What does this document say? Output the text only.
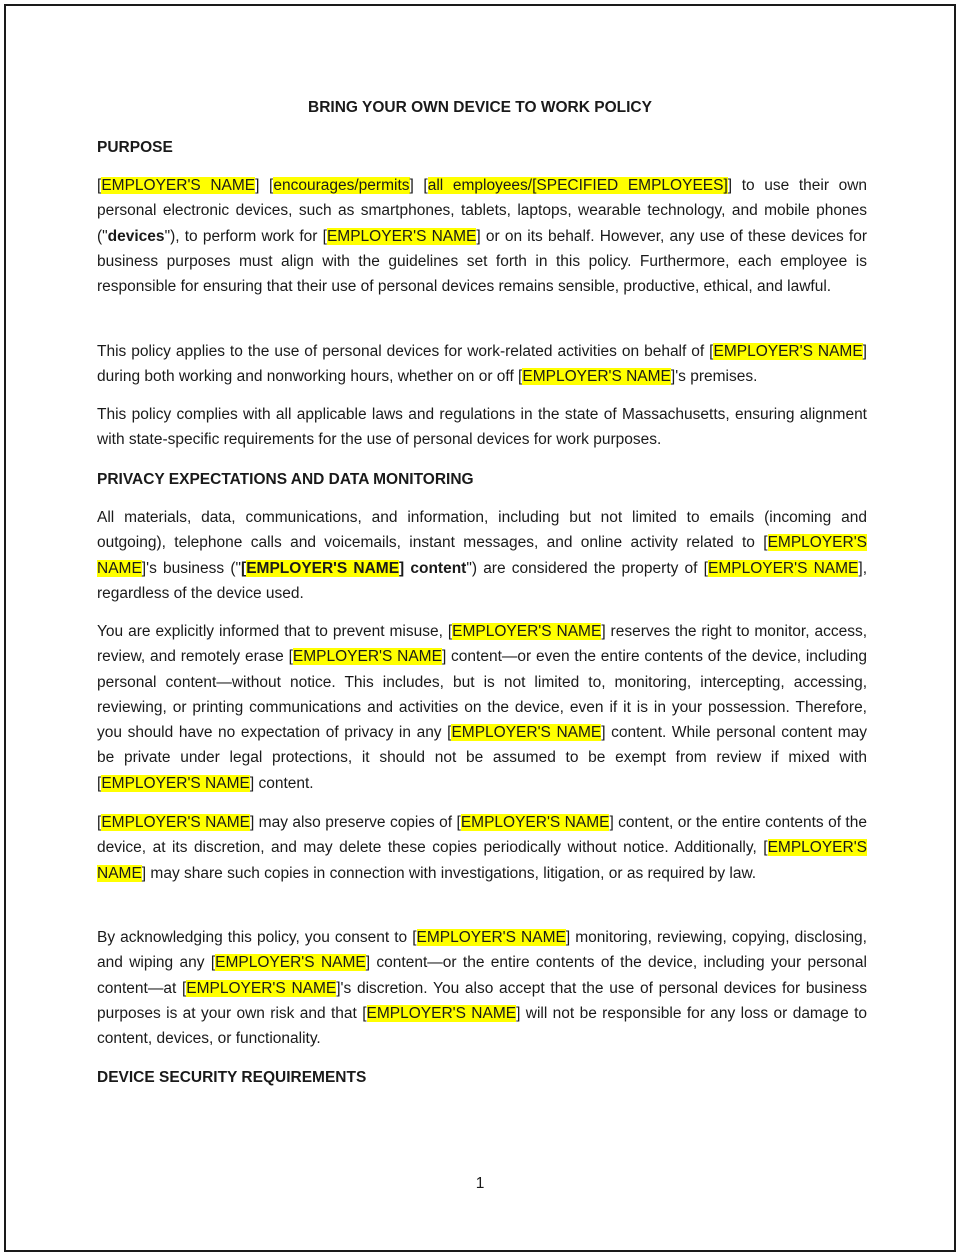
BRING YOUR OWN DEVICE TO WORK POLICY
PURPOSE
[EMPLOYER'S NAME] [encourages/permits] [all employees/[SPECIFIED EMPLOYEES]] to use their own personal electronic devices, such as smartphones, tablets, laptops, wearable technology, and mobile phones ("devices"), to perform work for [EMPLOYER'S NAME] or on its behalf. However, any use of these devices for business purposes must align with the guidelines set forth in this policy. Furthermore, each employee is responsible for ensuring that their use of personal devices remains sensible, productive, ethical, and lawful.
This policy applies to the use of personal devices for work-related activities on behalf of [EMPLOYER'S NAME] during both working and nonworking hours, whether on or off [EMPLOYER'S NAME]'s premises.
This policy complies with all applicable laws and regulations in the state of Massachusetts, ensuring alignment with state-specific requirements for the use of personal devices for work purposes.
PRIVACY EXPECTATIONS AND DATA MONITORING
All materials, data, communications, and information, including but not limited to emails (incoming and outgoing), telephone calls and voicemails, instant messages, and online activity related to [EMPLOYER'S NAME]'s business ("[EMPLOYER'S NAME] content") are considered the property of [EMPLOYER'S NAME], regardless of the device used.
You are explicitly informed that to prevent misuse, [EMPLOYER'S NAME] reserves the right to monitor, access, review, and remotely erase [EMPLOYER'S NAME] content—or even the entire contents of the device, including personal content—without notice. This includes, but is not limited to, monitoring, intercepting, accessing, reviewing, or printing communications and activities on the device, even if it is in your possession. Therefore, you should have no expectation of privacy in any [EMPLOYER'S NAME] content. While personal content may be private under legal protections, it should not be assumed to be exempt from review if mixed with [EMPLOYER'S NAME] content.
[EMPLOYER'S NAME] may also preserve copies of [EMPLOYER'S NAME] content, or the entire contents of the device, at its discretion, and may delete these copies periodically without notice. Additionally, [EMPLOYER'S NAME] may share such copies in connection with investigations, litigation, or as required by law.
By acknowledging this policy, you consent to [EMPLOYER'S NAME] monitoring, reviewing, copying, disclosing, and wiping any [EMPLOYER'S NAME] content—or the entire contents of the device, including your personal content—at [EMPLOYER'S NAME]'s discretion. You also accept that the use of personal devices for business purposes is at your own risk and that [EMPLOYER'S NAME] will not be responsible for any loss or damage to content, devices, or functionality.
DEVICE SECURITY REQUIREMENTS
1
